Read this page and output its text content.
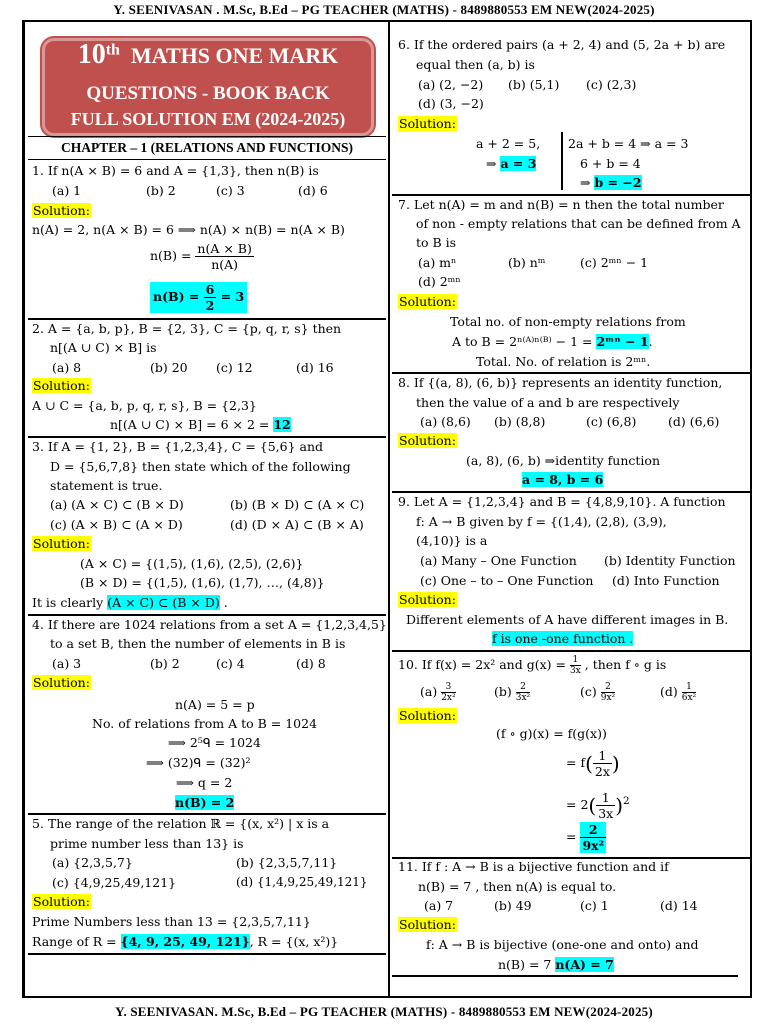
Y. SEENIVASAN . M.Sc, B.Ed – PG TEACHER (MATHS) - 8489880553 EM NEW(2024-2025)
10th MATHS ONE MARK
QUESTIONS - BOOK BACK
FULL SOLUTION EM (2024-2025)
CHAPTER – 1 (RELATIONS AND FUNCTIONS)
1. If n(A × B) = 6 and A = {1,3}, then n(B) is
(a) 1	(b) 2	(c) 3	(d) 6
Solution:
n(A) = 2, n(A × B) = 6 ⟹ n(A) × n(B) = n(A × B)
$n(B) = \frac{n(A \times B)}{n(A)}$
$n(B) = \frac{6}{2} = 3$
2. A = {a, b, p}, B = {2, 3}, C = {p, q, r, s} then
n[(A ∪ C) × B] is
(a) 8	(b) 20 (c) 12	(d) 16
Solution:
A ∪ C = {a, b, p, q, r, s}, B = {2,3}
n[(A ∪ C) × B] = 6 × 2 = 12
3. If A = {1, 2}, B = {1,2,3,4}, C = {5,6} and
D = {5,6,7,8} then state which of the following
statement is true.
(a) (A × C) ⊂ (B × D)	(b) (B × D) ⊂ (A × C)
(c) (A × B) ⊂ (A × D)	(d) (D × A) ⊂ (B × A)
Solution:
(A × C) = {(1,5), (1,6), (2,5), (2,6)}
(B × D) = {(1,5), (1,6), (1,7), …, (4,8)}
It is clearly (A × C) ⊂ (B × D) .
4. If there are 1024 relations from a set A = {1,2,3,4,5}
to a set B, then the number of elements in B is
(a) 3	(b) 2	(c) 4	(d) 8
Solution:
n(A) = 5 = p
No. of relations from A to B = 1024
⟹ 2⁵ᑫ = 1024
⟹ (32)ᑫ = (32)²
⟹ q = 2
n(B) = 2
5. The range of the relation ℝ = {(x, x²) | x is a
prime number less than 13} is
(a) {2,3,5,7}	(b) {2,3,5,7,11}
(c) {4,9,25,49,121}	(d) {1,4,9,25,49,121}
Solution:
Prime Numbers less than 13 = {2,3,5,7,11}
Range of R = {4, 9, 25, 49, 121}, R = {(x, x²)}
6. If the ordered pairs (a + 2, 4) and (5, 2a + b) are
equal then (a, b) is
(a) (2, −2) (b) (5,1) (c) (2,3)
(d) (3, −2)
Solution:
a + 2 = 5,
⇒ a = 3
2a + b = 4 ⇒ a = 3
6 + b = 4
⇒ b = −2
7. Let n(A) = m and n(B) = n then the total number
of non - empty relations that can be defined from A
to B is
(a) mⁿ	(b) nᵐ	(c) 2ᵐⁿ − 1
(d) 2ᵐⁿ
Solution:
Total no. of non-empty relations from
A to B = 2ⁿ⁽ᴬ⁾ⁿ⁽ᴮ⁾ − 1 = 2ᵐⁿ − 1.
Total. No. of relation is 2ᵐⁿ.
8. If {(a, 8), (6, b)} represents an identity function,
then the value of a and b are respectively
(a) (8,6) (b) (8,8)	(c) (6,8)	(d) (6,6)
Solution:
(a, 8), (6, b) ⇒identity function
a = 8, b = 6
9. Let A = {1,2,3,4} and B = {4,8,9,10}. A function
f: A → B given by f = {(1,4), (2,8), (3,9),
(4,10)} is a
(a) Many – One Function (b) Identity Function
(c) One – to – One Function (d) Into Function
Solution:
Different elements of A have different images in B.
f is one -one function .
10. If f(x) = 2x² and $g(x) = \frac{1}{3x}$ , then f ∘ g is
$(a) \frac{3}{\text{2x²}}$	$(b) \frac{2}{\text{3x²}}$	$(c) \frac{2}{\text{9x²}}$	$(d) \frac{1}{\text{6x²}}$
Solution:
(f ∘ g)(x) = f(g(x))
= $f( \frac{1}{2x}$ )
= $2( \frac{1}{3x} )^2$
= $\frac{2}{\text{9x²}}$
11. If f : A → B is a bijective function and if
n(B) = 7 , then n(A) is equal to.
(a) 7	(b) 49	(c) 1	(d) 14
Solution:
f: A → B is bijective (one-one and onto) and
n(B) = 7 n(A) = 7
Y. SEENIVASAN. M.Sc, B.Ed – PG TEACHER (MATHS) - 8489880553 EM NEW(2024-2025)
